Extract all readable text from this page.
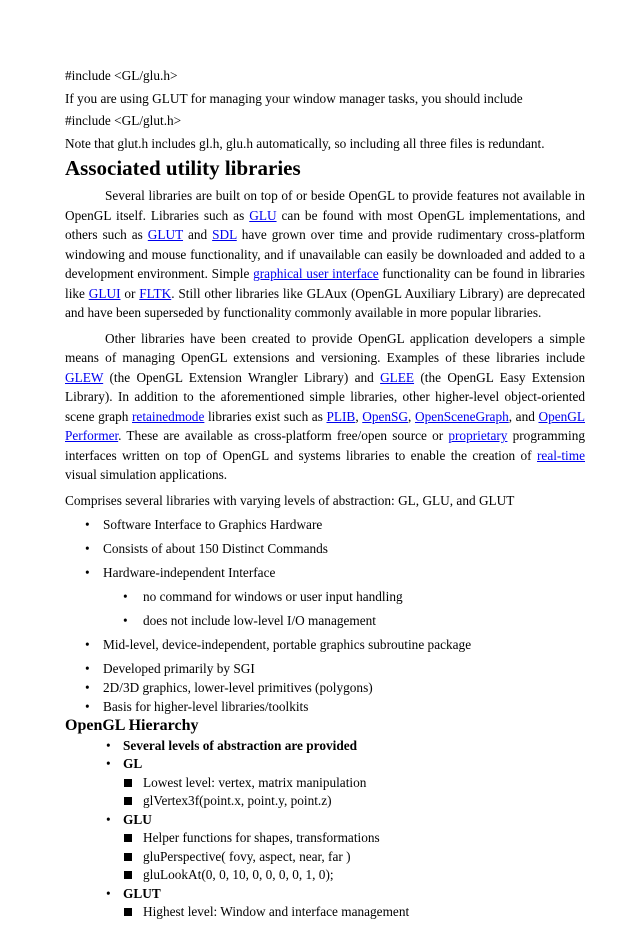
#include <GL/glu.h>
If you are using GLUT for managing your window manager tasks, you should include
#include <GL/glut.h>
Note that glut.h includes gl.h, glu.h automatically, so including all three files is redundant.
Associated utility libraries

Several libraries are built on top of or beside OpenGL to provide features not available in OpenGL itself. Libraries such as GLU can be found with most OpenGL implementations, and others such as GLUT and SDL have grown over time and provide rudimentary cross-platform windowing and mouse functionality, and if unavailable can easily be downloaded and added to a development environment. Simple graphical user interface functionality can be found in libraries like GLUI or FLTK. Still other libraries like GLAux (OpenGL Auxiliary Library) are deprecated and have been superseded by functionality commonly available in more popular libraries.

Other libraries have been created to provide OpenGL application developers a simple means of managing OpenGL extensions and versioning. Examples of these libraries include GLEW (the OpenGL Extension Wrangler Library) and GLEE (the OpenGL Easy Extension Library). In addition to the aforementioned simple libraries, other higher-level object-oriented scene graph retainedmode libraries exist such as PLIB, OpenSG, OpenSceneGraph, and OpenGL Performer. These are available as cross-platform free/open source or proprietary programming interfaces written on top of OpenGL and systems libraries to enable the creation of real-time visual simulation applications.

Comprises several libraries with varying levels of abstraction: GL, GLU, and GLUT
• Software Interface to Graphics Hardware
• Consists of about 150 Distinct Commands
• Hardware-independent Interface
• no command for windows or user input handling
• does not include low-level I/O management
• Mid-level, device-independent, portable graphics subroutine package
• Developed primarily by SGI
• 2D/3D graphics, lower-level primitives (polygons)
• Basis for higher-level libraries/toolkits
OpenGL Hierarchy
• Several levels of abstraction are provided
• GL
Lowest level: vertex, matrix manipulation
glVertex3f(point.x, point.y, point.z)
• GLU
Helper functions for shapes, transformations
gluPerspective( fovy, aspect, near, far )
gluLookAt(0, 0, 10, 0, 0, 0, 0, 1, 0);
• GLUT
Highest level: Window and interface management
